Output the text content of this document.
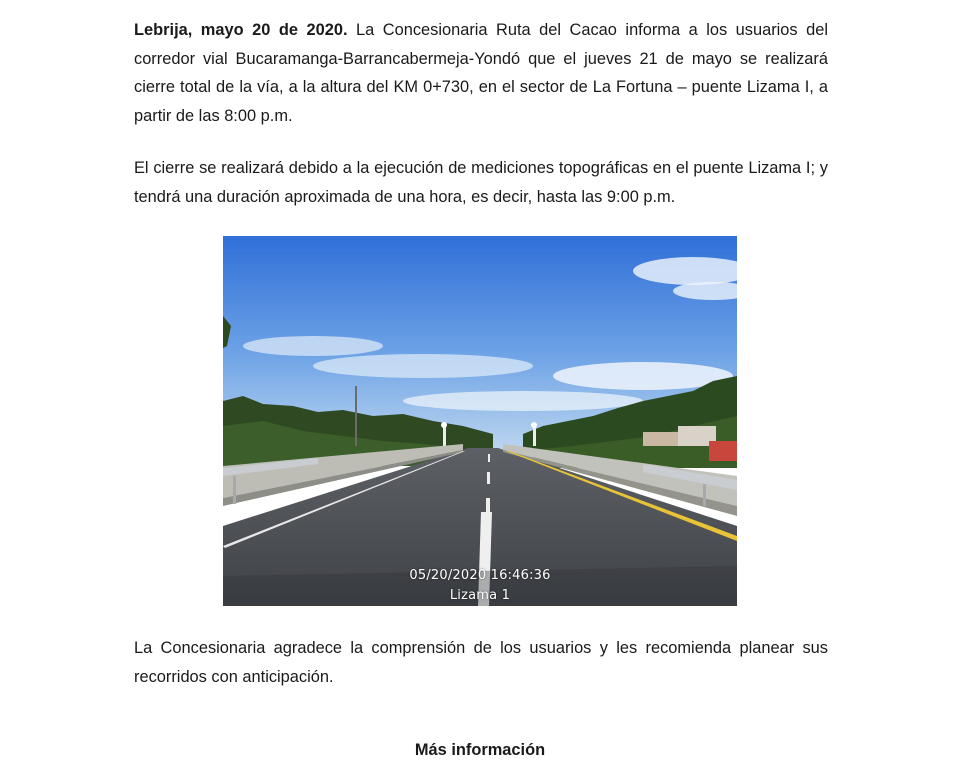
Lebrija, mayo 20 de 2020. La Concesionaria Ruta del Cacao informa a los usuarios del corredor vial Bucaramanga-Barrancabermeja-Yondó que el jueves 21 de mayo se realizará cierre total de la vía, a la altura del KM 0+730, en el sector de La Fortuna – puente Lizama I, a partir de las 8:00 p.m.

El cierre se realizará debido a la ejecución de mediciones topográficas en el puente Lizama I; y tendrá una duración aproximada de una hora, es decir, hasta las 9:00 p.m.

05/20/2020 16:46:36
Lizama 1

La Concesionaria agradece la comprensión de los usuarios y les recomienda planear sus recorridos con anticipación.

Más información
